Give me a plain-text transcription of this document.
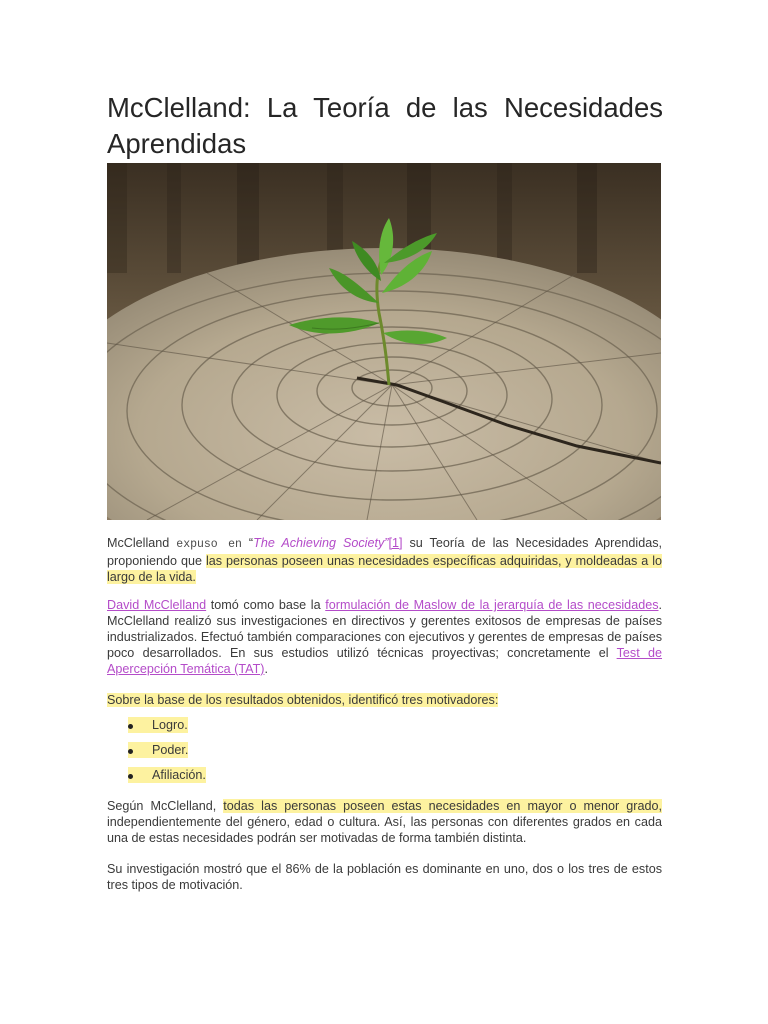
McClelland: La Teoría de las Necesidades Aprendidas

McClelland expuso en “The Achieving Society”[1] su Teoría de las Necesidades Aprendidas, proponiendo que las personas poseen unas necesidades específicas adquiridas, y moldeadas a lo largo de la vida.

David McClelland tomó como base la formulación de Maslow de la jerarquía de las necesidades. McClelland realizó sus investigaciones en directivos y gerentes exitosos de empresas de países industrializados. Efectuó también comparaciones con ejecutivos y gerentes de empresas de países poco desarrollados. En sus estudios utilizó técnicas proyectivas; concretamente el Test de Apercepción Temática (TAT).

Sobre la base de los resultados obtenidos, identificó tres motivadores:

Logro.
Poder.
Afiliación.

Según McClelland, todas las personas poseen estas necesidades en mayor o menor grado, independientemente del género, edad o cultura. Así, las personas con diferentes grados en cada una de estas necesidades podrán ser motivadas de forma también distinta.

Su investigación mostró que el 86% de la población es dominante en uno, dos o los tres de estos tres tipos de motivación.
